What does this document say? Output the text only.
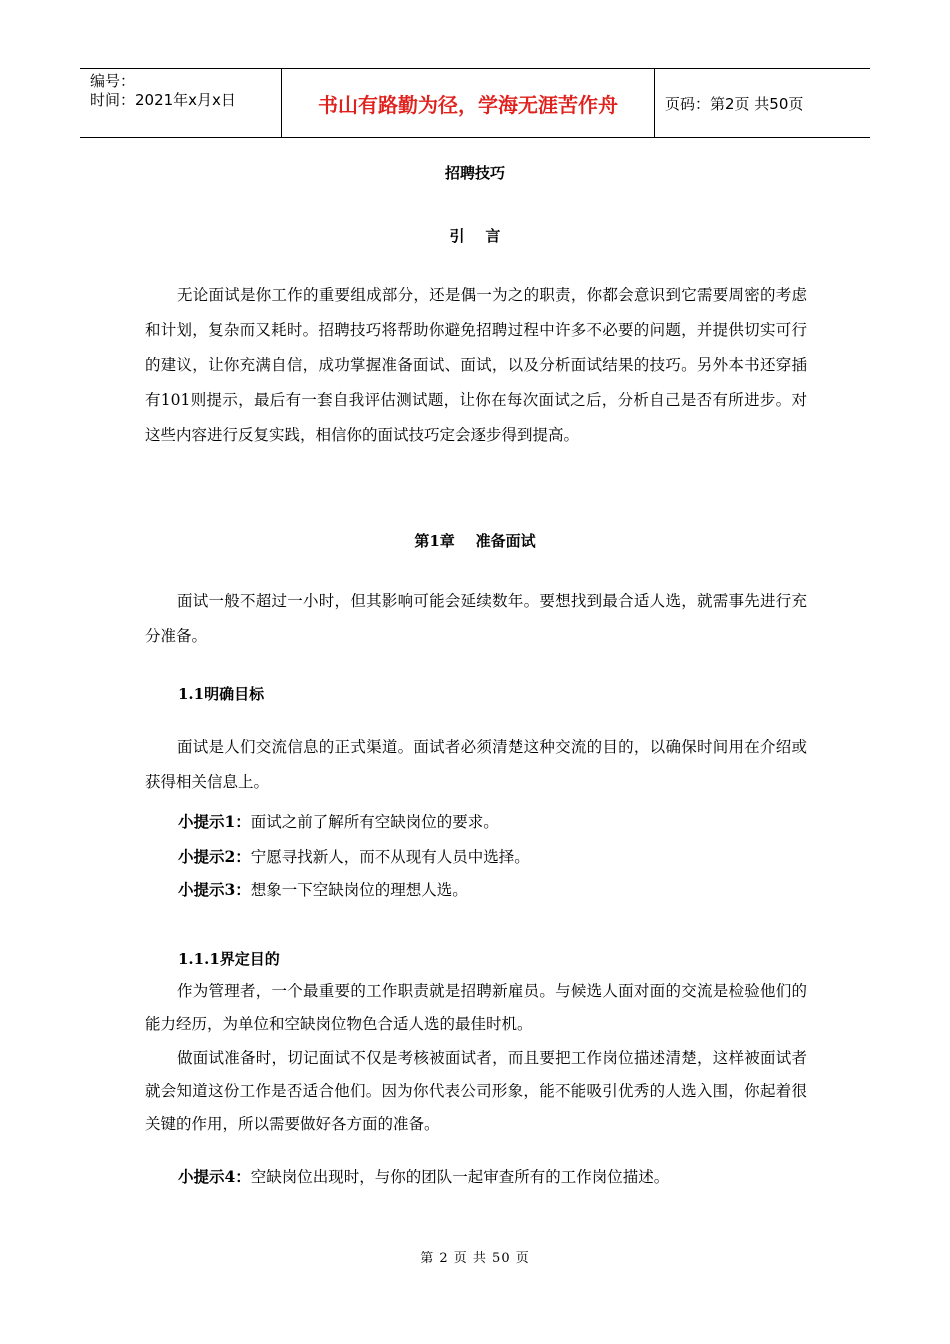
编号：
时间：2021年x月x日	书山有路勤为径，学海无涯苦作舟	页码：第2页 共50页
招聘技巧
引    言
无论面试是你工作的重要组成部分，还是偶一为之的职责，你都会意识到它需要周密的考虑和计划，复杂而又耗时。招聘技巧将帮助你避免招聘过程中许多不必要的问题，并提供切实可行的建议，让你充满自信，成功掌握准备面试、面试，以及分析面试结果的技巧。另外本书还穿插有101则提示，最后有一套自我评估测试题，让你在每次面试之后，分析自己是否有所进步。对这些内容进行反复实践，相信你的面试技巧定会逐步得到提高。
第1章    准备面试
面试一般不超过一小时，但其影响可能会延续数年。要想找到最合适人选，就需事先进行充分准备。
1.1明确目标
面试是人们交流信息的正式渠道。面试者必须清楚这种交流的目的，以确保时间用在介绍或获得相关信息上。
小提示1：面试之前了解所有空缺岗位的要求。
小提示2：宁愿寻找新人，而不从现有人员中选择。
小提示3：想象一下空缺岗位的理想人选。
1.1.1界定目的
作为管理者，一个最重要的工作职责就是招聘新雇员。与候选人面对面的交流是检验他们的能力经历，为单位和空缺岗位物色合适人选的最佳时机。
做面试准备时，切记面试不仅是考核被面试者，而且要把工作岗位描述清楚，这样被面试者就会知道这份工作是否适合他们。因为你代表公司形象，能不能吸引优秀的人选入围，你起着很关键的作用，所以需要做好各方面的准备。
小提示4：空缺岗位出现时，与你的团队一起审查所有的工作岗位描述。
第 2 页 共 50 页
